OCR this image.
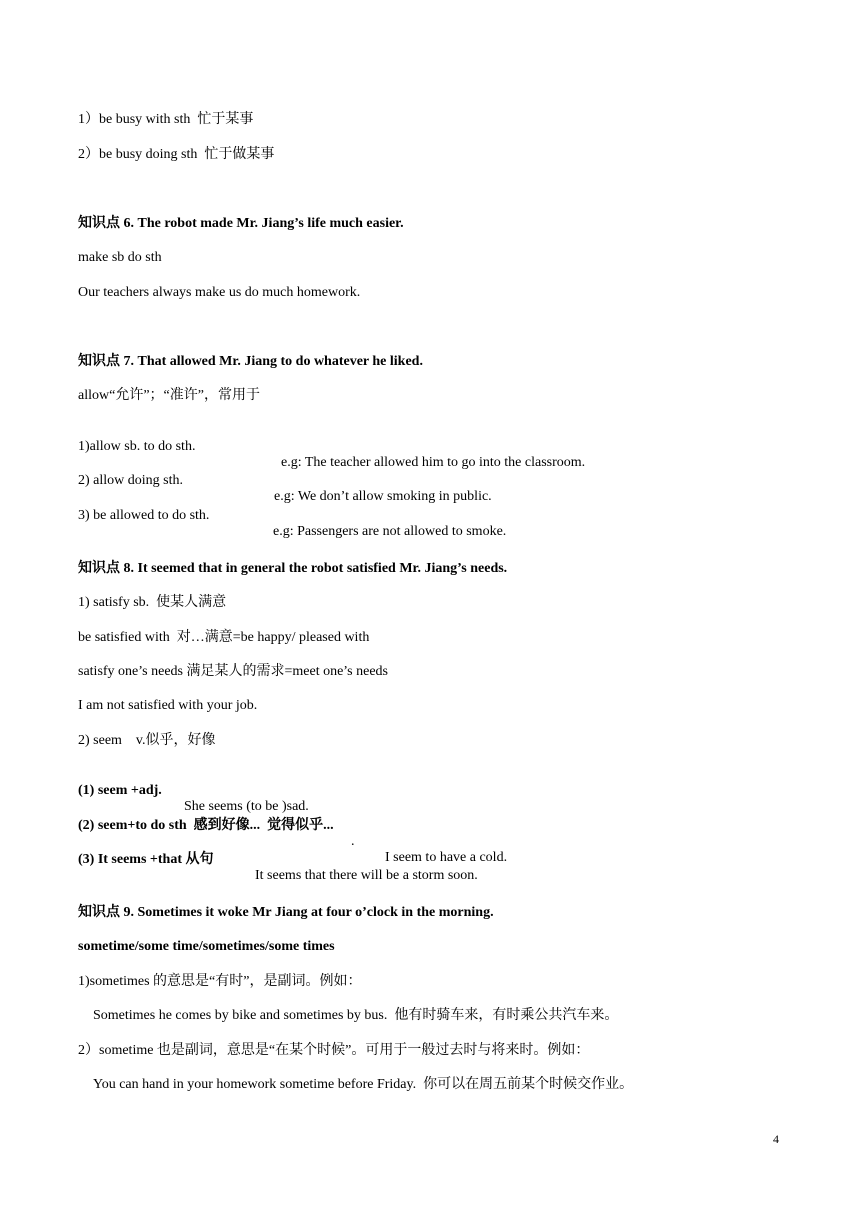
1）be busy with sth  忙于某事
2）be busy doing sth  忙于做某事
知识点 6. The robot made Mr. Jiang’s life much easier.
make sb do sth
Our teachers always make us do much homework.
知识点 7. That allowed Mr. Jiang to do whatever he liked.
allow“允许”；“准许”，常用于

1)allow sb. to do sth.

e.g: The teacher allowed him to go into the classroom.

2) allow doing sth.

e.g: We don’t allow smoking in public.

3) be allowed to do sth.

e.g: Passengers are not allowed to smoke.

知识点 8. It seemed that in general the robot satisfied Mr. Jiang’s needs.
1) satisfy sb.  使某人满意
be satisfied with  对…满意=be happy/ pleased with
satisfy one’s needs 满足某人的需求=meet one’s needs
I am not satisfied with your job.
2) seem    v.似乎，好像

(1) seem +adj.

She seems (to be )sad.

(2) seem+to do sth  感到好像...  觉得似乎...

.

I seem to have a cold.

(3) It seems +that 从句

It seems that there will be a storm soon.

知识点 9. Sometimes it woke Mr Jiang at four o’clock in the morning.
sometime/some time/sometimes/some times
1)sometimes 的意思是“有时”，是副词。例如：
Sometimes he comes by bike and sometimes by bus.  他有时骑车来，有时乘公共汽车来。
2）sometime 也是副词，意思是“在某个时候”。可用于一般过去时与将来时。例如：
You can hand in your homework sometime before Friday.  你可以在周五前某个时候交作业。
4
